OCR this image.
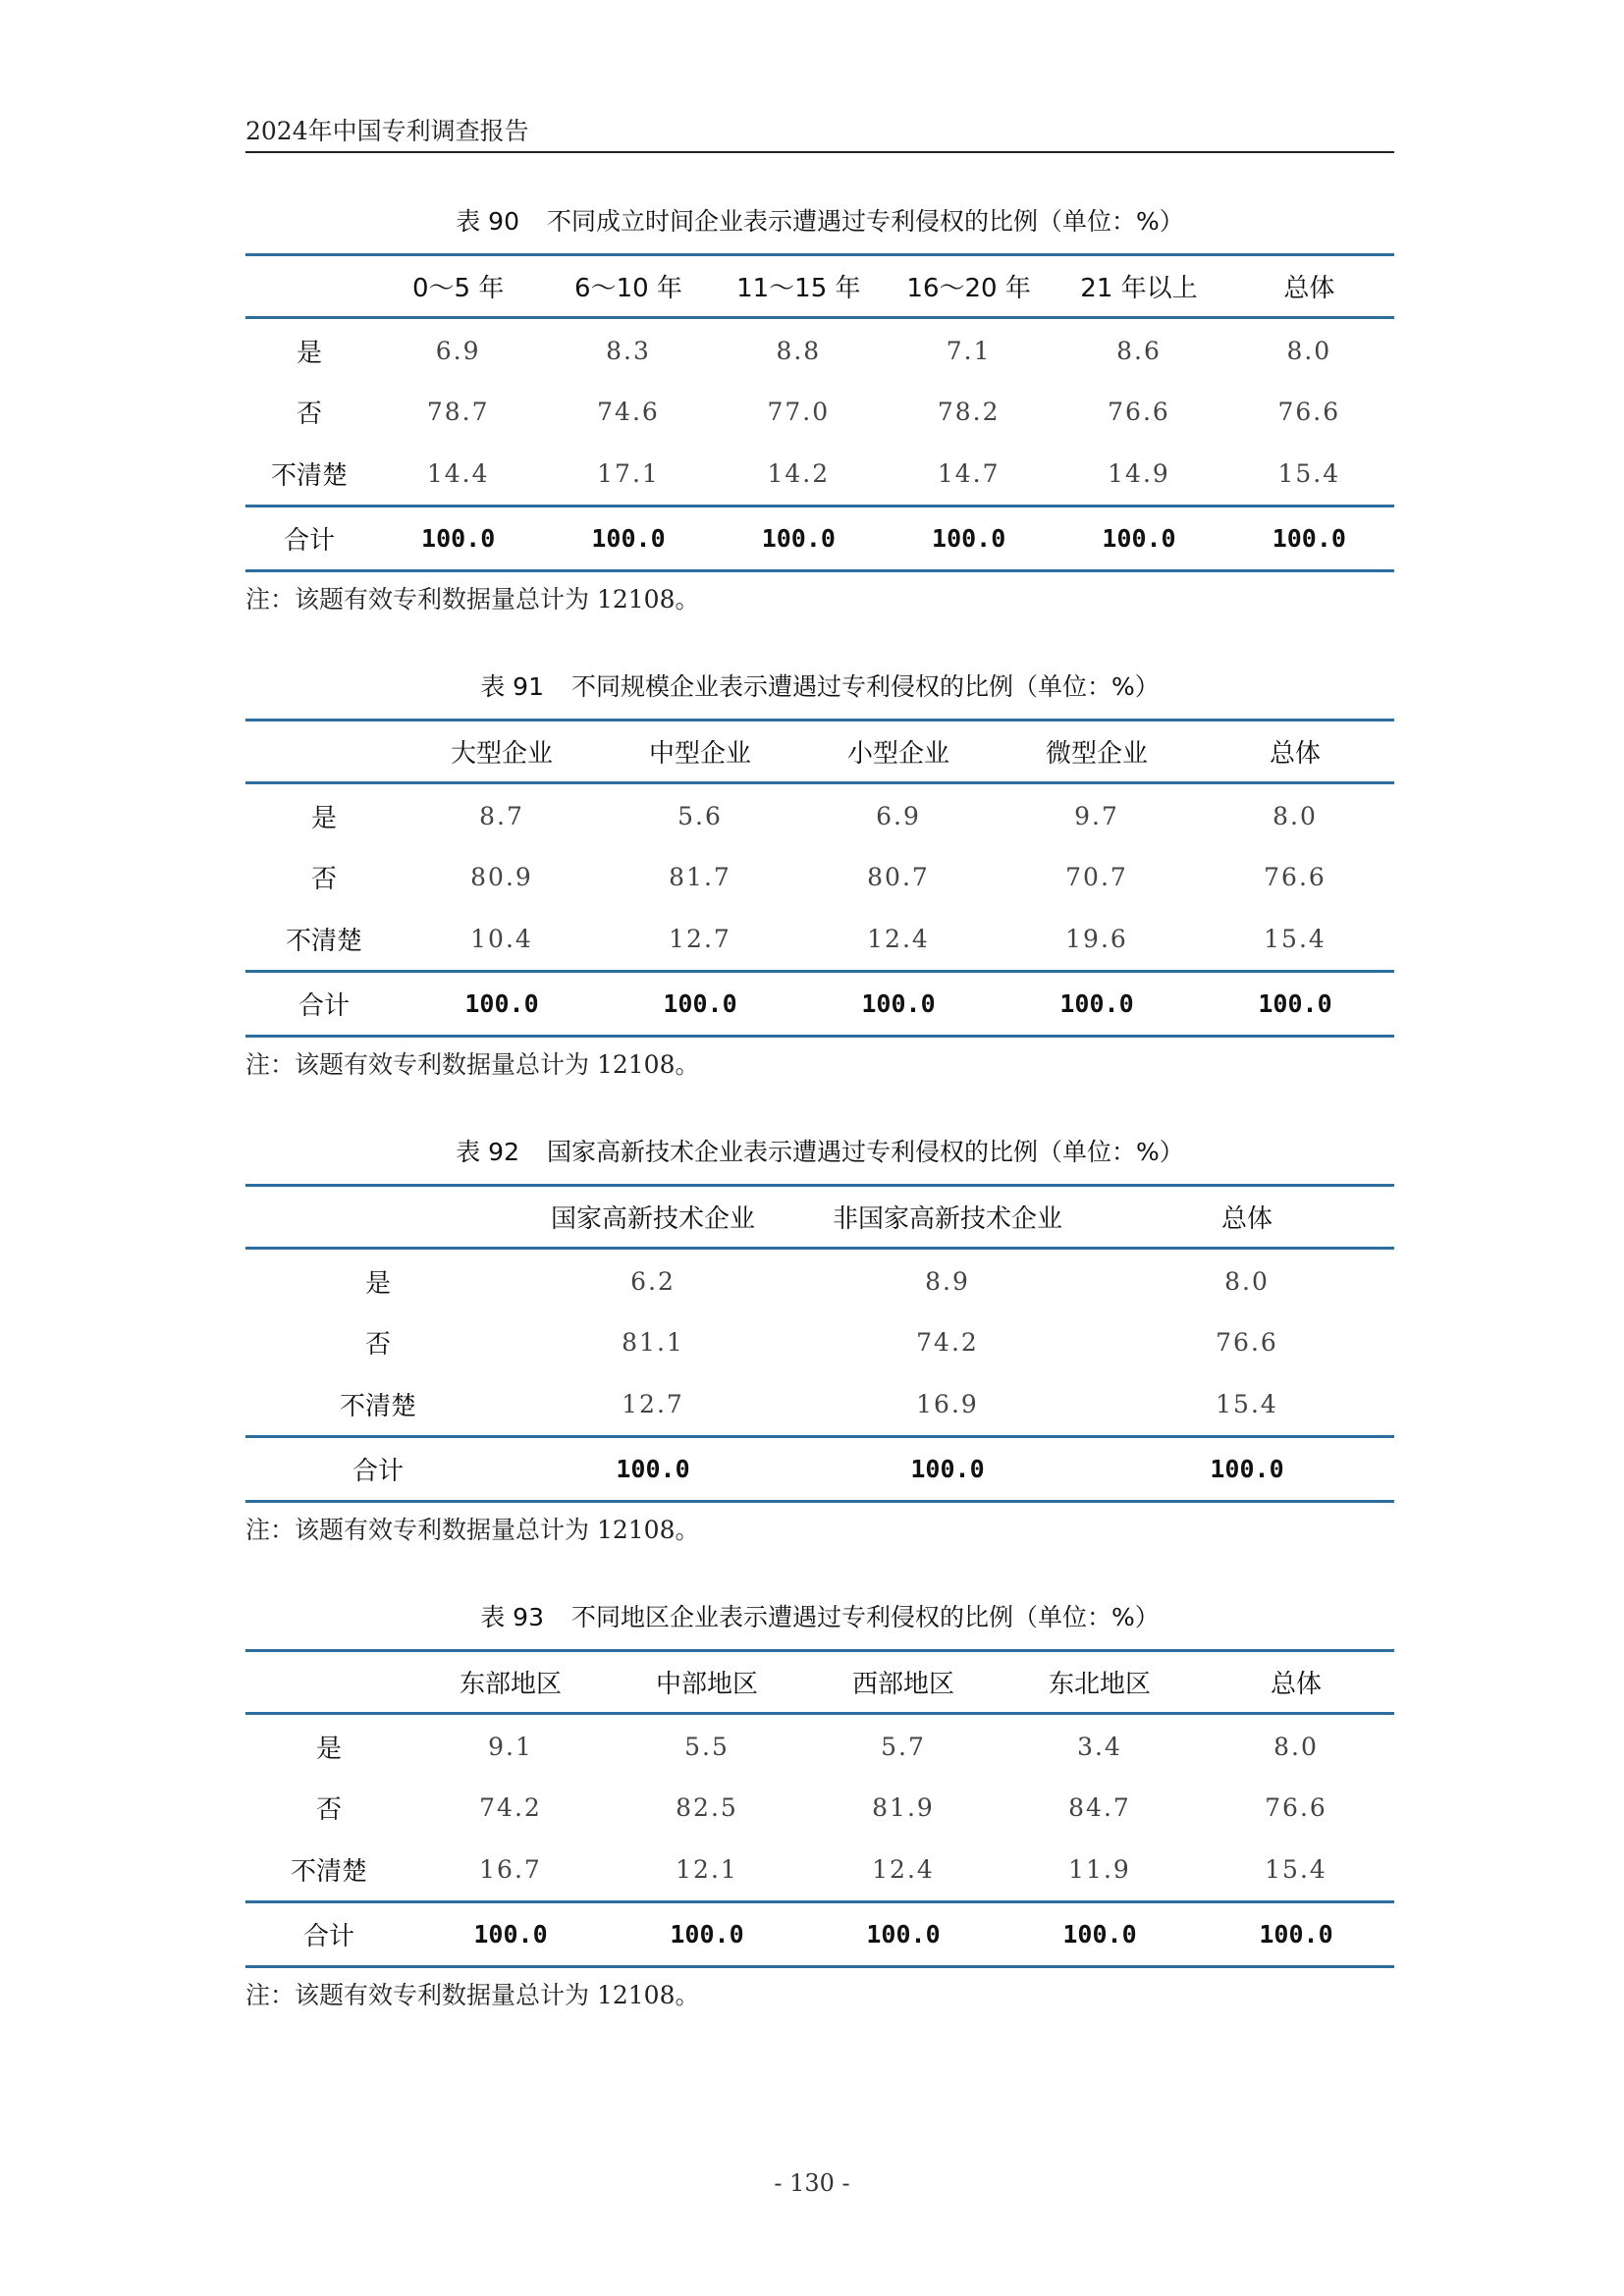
2024年中国专利调查报告
表 90 不同成立时间企业表示遭遇过专利侵权的比例（单位：%）
	0～5 年	6～10 年	11～15 年	16～20 年	21 年以上	总体
是	6.9	8.3	8.8	7.1	8.6	8.0
否	78.7	74.6	77.0	78.2	76.6	76.6
不清楚	14.4	17.1	14.2	14.7	14.9	15.4
合计	100.0	100.0	100.0	100.0	100.0	100.0
注：该题有效专利数据量总计为 12108。
表 91 不同规模企业表示遭遇过专利侵权的比例（单位：%）
	大型企业	中型企业	小型企业	微型企业	总体
是	8.7	5.6	6.9	9.7	8.0
否	80.9	81.7	80.7	70.7	76.6
不清楚	10.4	12.7	12.4	19.6	15.4
合计	100.0	100.0	100.0	100.0	100.0
注：该题有效专利数据量总计为 12108。
表 92 国家高新技术企业表示遭遇过专利侵权的比例（单位：%）
	国家高新技术企业	非国家高新技术企业	总体
是	6.2	8.9	8.0
否	81.1	74.2	76.6
不清楚	12.7	16.9	15.4
合计	100.0	100.0	100.0
注：该题有效专利数据量总计为 12108。
表 93 不同地区企业表示遭遇过专利侵权的比例（单位：%）
	东部地区	中部地区	西部地区	东北地区	总体
是	9.1	5.5	5.7	3.4	8.0
否	74.2	82.5	81.9	84.7	76.6
不清楚	16.7	12.1	12.4	11.9	15.4
合计	100.0	100.0	100.0	100.0	100.0
注：该题有效专利数据量总计为 12108。
- 130 -
